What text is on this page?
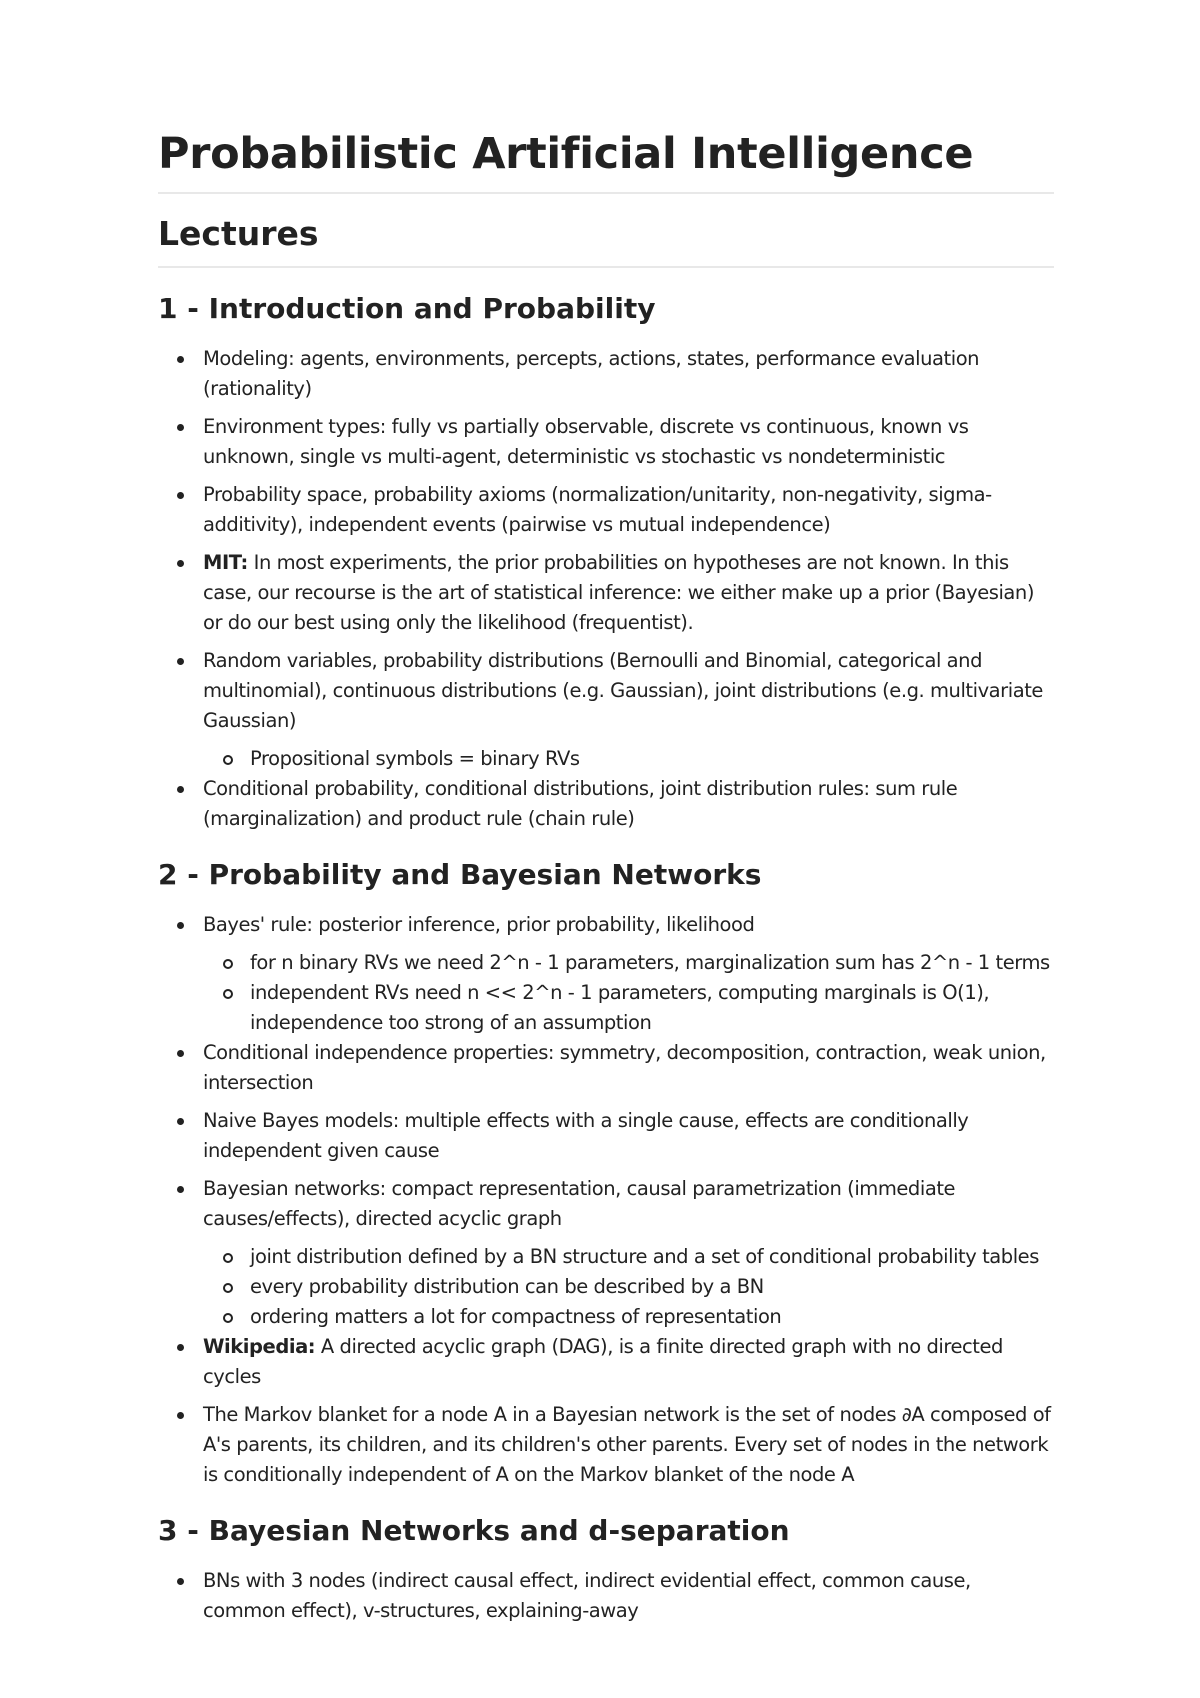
Probabilistic Artificial Intelligence
Lectures
1 - Introduction and Probability
Modeling: agents, environments, percepts, actions, states, performance evaluation (rationality)
Environment types: fully vs partially observable, discrete vs continuous, known vs unknown, single vs multi-agent, deterministic vs stochastic vs nondeterministic
Probability space, probability axioms (normalization/unitarity, non-negativity, sigma-additivity), independent events (pairwise vs mutual independence)
MIT: In most experiments, the prior probabilities on hypotheses are not known. In this case, our recourse is the art of statistical inference: we either make up a prior (Bayesian) or do our best using only the likelihood (frequentist).
Random variables, probability distributions (Bernoulli and Binomial, categorical and multinomial), continuous distributions (e.g. Gaussian), joint distributions (e.g. multivariate Gaussian)
Propositional symbols = binary RVs
Conditional probability, conditional distributions, joint distribution rules: sum rule (marginalization) and product rule (chain rule)
2 - Probability and Bayesian Networks
Bayes' rule: posterior inference, prior probability, likelihood
for n binary RVs we need 2^n - 1 parameters, marginalization sum has 2^n - 1 terms
independent RVs need n << 2^n - 1 parameters, computing marginals is O(1), independence too strong of an assumption
Conditional independence properties: symmetry, decomposition, contraction, weak union, intersection
Naive Bayes models: multiple effects with a single cause, effects are conditionally independent given cause
Bayesian networks: compact representation, causal parametrization (immediate causes/effects), directed acyclic graph
joint distribution defined by a BN structure and a set of conditional probability tables
every probability distribution can be described by a BN
ordering matters a lot for compactness of representation
Wikipedia: A directed acyclic graph (DAG), is a finite directed graph with no directed cycles
The Markov blanket for a node A in a Bayesian network is the set of nodes ∂A composed of A's parents, its children, and its children's other parents. Every set of nodes in the network is conditionally independent of A on the Markov blanket of the node A
3 - Bayesian Networks and d-separation
BNs with 3 nodes (indirect causal effect, indirect evidential effect, common cause, common effect), v-structures, explaining-away
